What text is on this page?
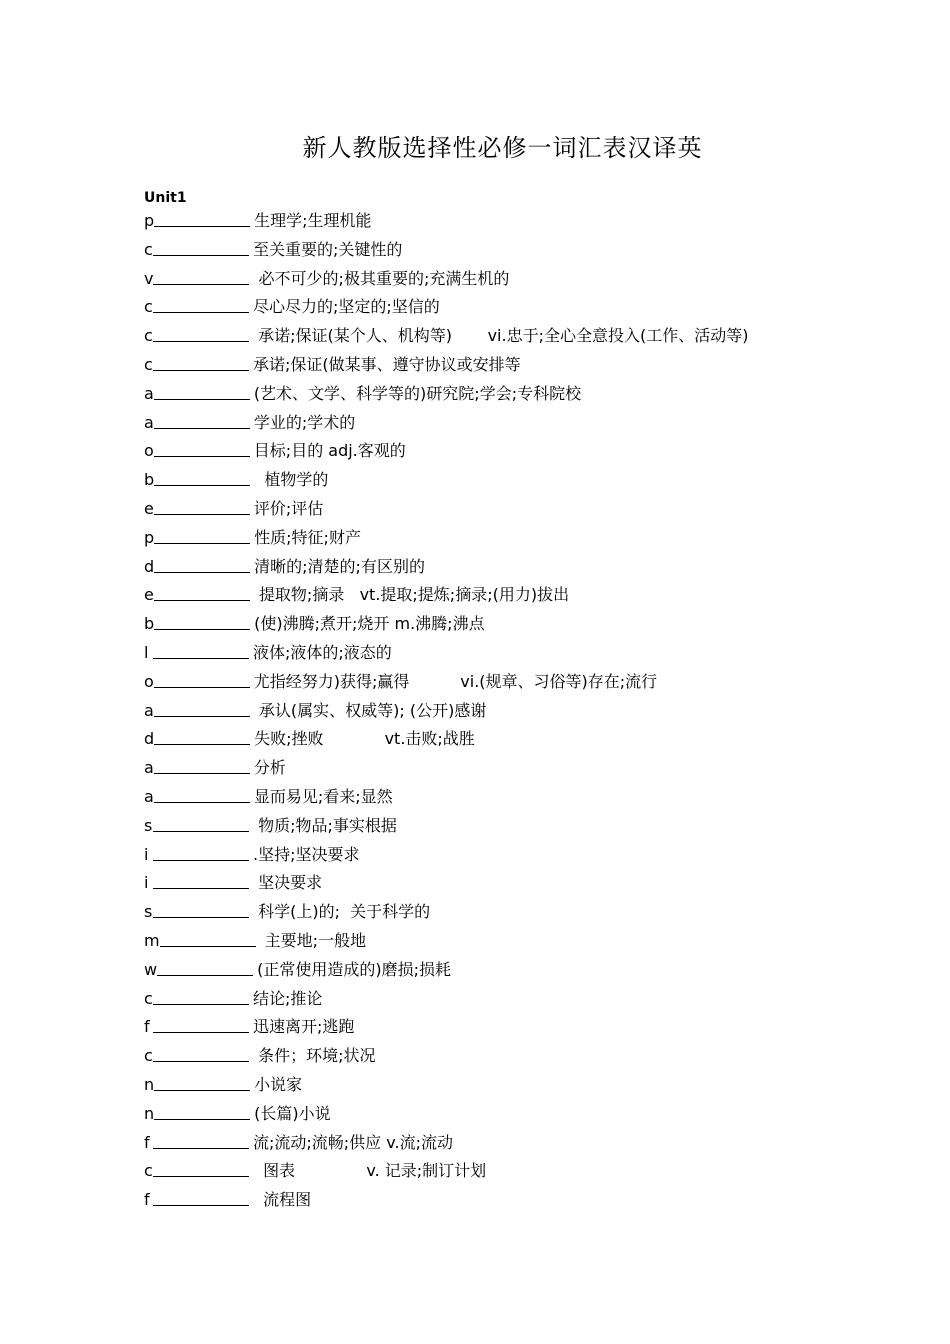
新人教版选择性必修一词汇表汉译英
Unit1
p	生理学;生理机能
c	至关重要的;关键性的
v	必不可少的;极其重要的;充满生机的
c	尽心尽力的;坚定的;坚信的
c	承诺;保证(某个人、机构等)       vi.忠于;全心全意投入(工作、活动等)
c	承诺;保证(做某事、遵守协议或安排等
a	(艺术、文学、科学等的)研究院;学会;专科院校
a	学业的;学术的
o	目标;目的 adj.客观的
b	植物学的
e	评价;评估
p	性质;特征;财产
d	清晰的;清楚的;有区别的
e	提取物;摘录   vt.提取;提炼;摘录;(用力)拔出
b	(使)沸腾;煮开;烧开 m.沸腾;沸点
l	液体;液体的;液态的
o	尤指经努力)获得;赢得          vi.(规章、习俗等)存在;流行
a	承认(属实、权威等); (公开)感谢
d	失败;挫败            vt.击败;战胜
a	分析
a	显而易见;看来;显然
s	物质;物品;事实根据
i	.坚持;坚决要求
i	坚决要求
s	科学(上)的;  关于科学的
m	主要地;一般地
w	(正常使用造成的)磨损;损耗
c	结论;推论
f	迅速离开;逃跑
c	条件；环境;状况
n	小说家
n	(长篇)小说
f	流;流动;流畅;供应 v.流;流动
c	图表              v. 记录;制订计划
f	流程图
